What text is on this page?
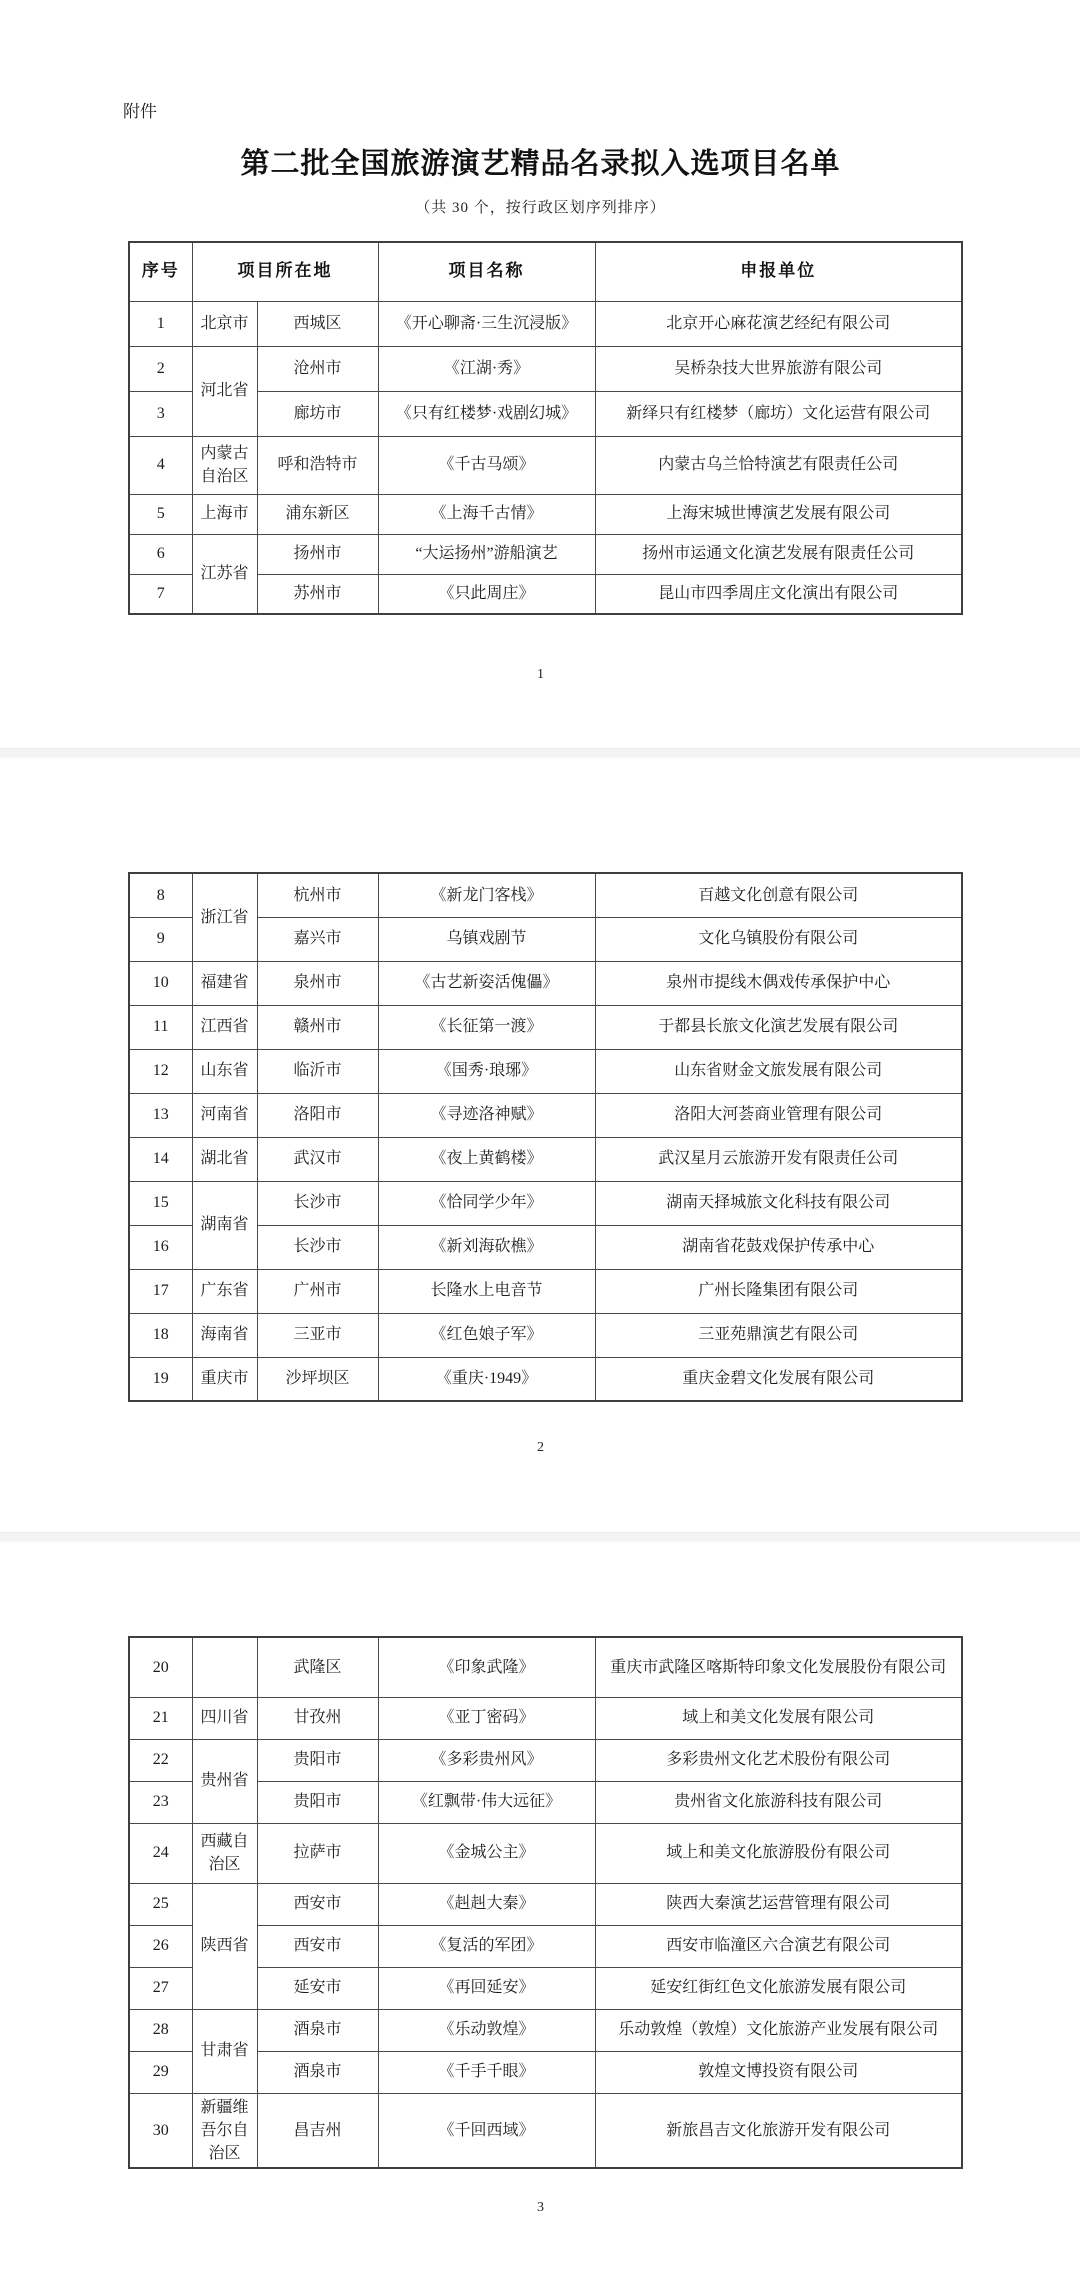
附件
第二批全国旅游演艺精品名录拟入选项目名单
（共 30 个，按行政区划序列排序）
序号	项目所在地		项目名称	申报单位
1	北京市	西城区	《开心聊斋·三生沉浸版》	北京开心麻花演艺经纪有限公司
2	河北省	沧州市	《江湖·秀》	吴桥杂技大世界旅游有限公司
3		廊坊市	《只有红楼梦·戏剧幻城》	新绎只有红楼梦（廊坊）文化运营有限公司
4	内蒙古自治区	呼和浩特市	《千古马颂》	内蒙古乌兰恰特演艺有限责任公司
5	上海市	浦东新区	《上海千古情》	上海宋城世博演艺发展有限公司
6	江苏省	扬州市	“大运扬州”游船演艺	扬州市运通文化演艺发展有限责任公司
7		苏州市	《只此周庄》	昆山市四季周庄文化演出有限公司
1
8	浙江省	杭州市	《新龙门客栈》	百越文化创意有限公司
9		嘉兴市	乌镇戏剧节	文化乌镇股份有限公司
10	福建省	泉州市	《古艺新姿活傀儡》	泉州市提线木偶戏传承保护中心
11	江西省	赣州市	《长征第一渡》	于都县长旅文化演艺发展有限公司
12	山东省	临沂市	《国秀·琅琊》	山东省财金文旅发展有限公司
13	河南省	洛阳市	《寻迹洛神赋》	洛阳大河荟商业管理有限公司
14	湖北省	武汉市	《夜上黄鹤楼》	武汉星月云旅游开发有限责任公司
15	湖南省	长沙市	《恰同学少年》	湖南天择城旅文化科技有限公司
16		长沙市	《新刘海砍樵》	湖南省花鼓戏保护传承中心
17	广东省	广州市	长隆水上电音节	广州长隆集团有限公司
18	海南省	三亚市	《红色娘子军》	三亚苑鼎演艺有限公司
19	重庆市	沙坪坝区	《重庆·1949》	重庆金碧文化发展有限公司
2
20		武隆区	《印象武隆》	重庆市武隆区喀斯特印象文化发展股份有限公司
21	四川省	甘孜州	《亚丁密码》	域上和美文化发展有限公司
22	贵州省	贵阳市	《多彩贵州风》	多彩贵州文化艺术股份有限公司
23		贵阳市	《红飘带·伟大远征》	贵州省文化旅游科技有限公司
24	西藏自治区	拉萨市	《金城公主》	域上和美文化旅游股份有限公司
25	陕西省	西安市	《赳赳大秦》	陕西大秦演艺运营管理有限公司
26		西安市	《复活的军团》	西安市临潼区六合演艺有限公司
27		延安市	《再回延安》	延安红街红色文化旅游发展有限公司
28	甘肃省	酒泉市	《乐动敦煌》	乐动敦煌（敦煌）文化旅游产业发展有限公司
29		酒泉市	《千手千眼》	敦煌文博投资有限公司
30	新疆维吾尔自治区	昌吉州	《千回西域》	新旅昌吉文化旅游开发有限公司
3
